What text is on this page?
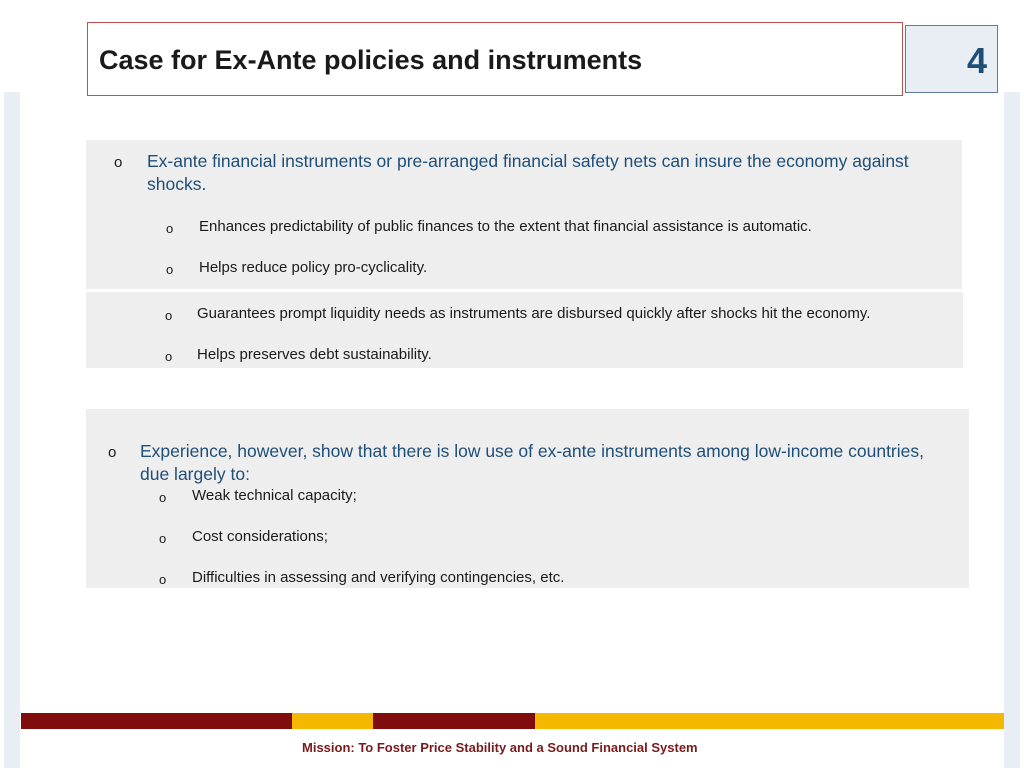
Case for Ex-Ante policies and instruments	4
o Ex-ante financial instruments or pre-arranged financial safety nets can insure the economy against shocks.
o Enhances predictability of public finances to the extent that financial assistance is automatic.
o Helps reduce policy pro-cyclicality.
o Guarantees prompt liquidity needs as instruments are disbursed quickly after shocks hit the economy.
o Helps preserves debt sustainability.
o Experience, however, show that there is low use of ex-ante instruments among low-income countries, due largely to:
o Weak technical capacity;
o Cost considerations;
o Difficulties in assessing and verifying contingencies, etc.
Mission: To Foster Price Stability and a Sound Financial System
